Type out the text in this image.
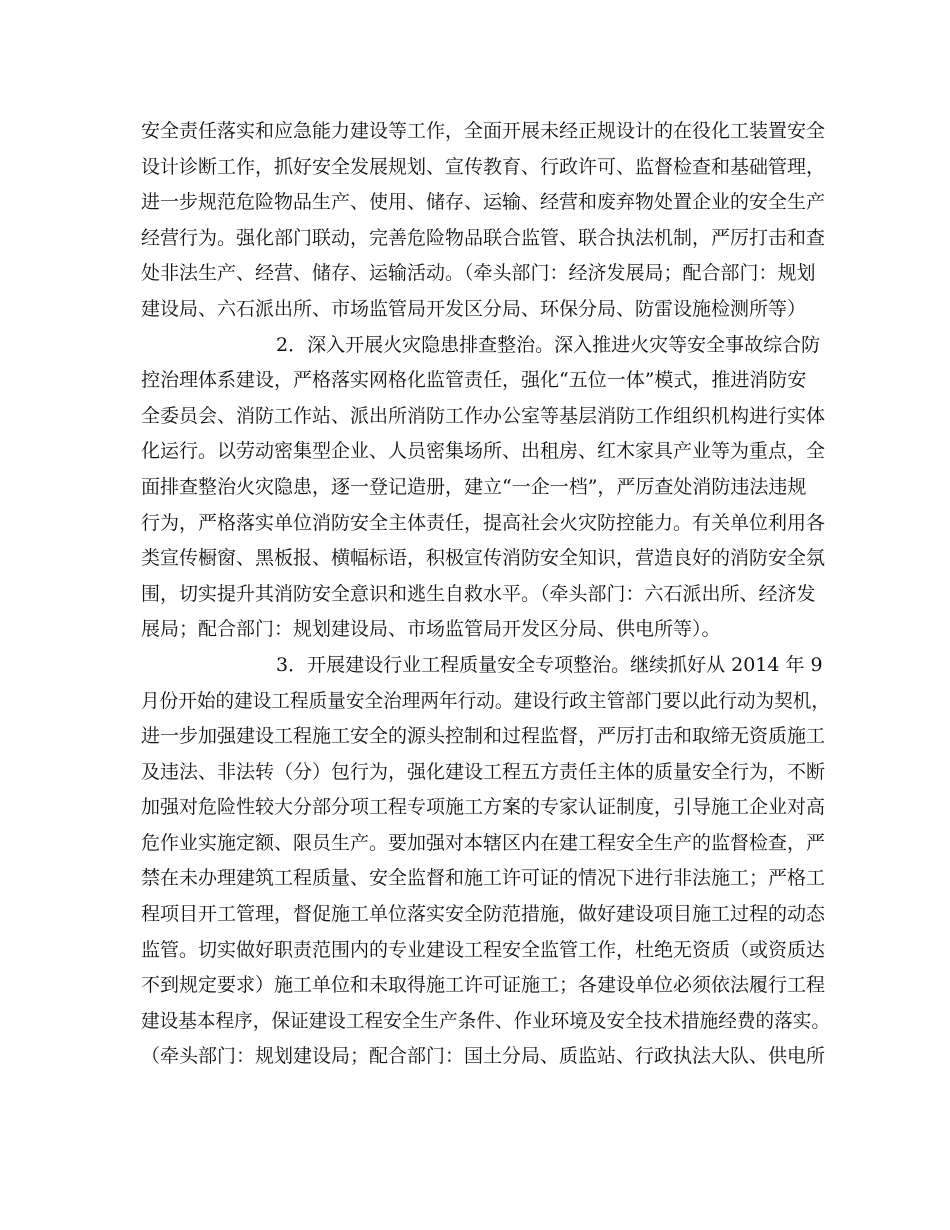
安全责任落实和应急能力建设等工作，全面开展未经正规设计的在役化工装置安全
设计诊断工作，抓好安全发展规划、宣传教育、行政许可、监督检查和基础管理，
进一步规范危险物品生产、使用、储存、运输、经营和废弃物处置企业的安全生产
经营行为。强化部门联动，完善危险物品联合监管、联合执法机制，严厉打击和查
处非法生产、经营、储存、运输活动。（牵头部门：经济发展局；配合部门：规划
建设局、六石派出所、市场监管局开发区分局、环保分局、防雷设施检测所等）
2．深入开展火灾隐患排查整治。深入推进火灾等安全事故综合防
控治理体系建设，严格落实网格化监管责任，强化“五位一体”模式，推进消防安
全委员会、消防工作站、派出所消防工作办公室等基层消防工作组织机构进行实体
化运行。以劳动密集型企业、人员密集场所、出租房、红木家具产业等为重点，全
面排查整治火灾隐患，逐一登记造册，建立“一企一档”，严厉查处消防违法违规
行为，严格落实单位消防安全主体责任，提高社会火灾防控能力。有关单位利用各
类宣传橱窗、黑板报、横幅标语，积极宣传消防安全知识，营造良好的消防安全氛
围，切实提升其消防安全意识和逃生自救水平。（牵头部门：六石派出所、经济发
展局；配合部门：规划建设局、市场监管局开发区分局、供电所等）。
3．开展建设行业工程质量安全专项整治。继续抓好从 2014 年 9
月份开始的建设工程质量安全治理两年行动。建设行政主管部门要以此行动为契机，
进一步加强建设工程施工安全的源头控制和过程监督，严厉打击和取缔无资质施工
及违法、非法转（分）包行为，强化建设工程五方责任主体的质量安全行为，不断
加强对危险性较大分部分项工程专项施工方案的专家认证制度，引导施工企业对高
危作业实施定额、限员生产。要加强对本辖区内在建工程安全生产的监督检查，严
禁在未办理建筑工程质量、安全监督和施工许可证的情况下进行非法施工；严格工
程项目开工管理，督促施工单位落实安全防范措施，做好建设项目施工过程的动态
监管。切实做好职责范围内的专业建设工程安全监管工作，杜绝无资质（或资质达
不到规定要求）施工单位和未取得施工许可证施工；各建设单位必须依法履行工程
建设基本程序，保证建设工程安全生产条件、作业环境及安全技术措施经费的落实。
（牵头部门：规划建设局；配合部门：国土分局、质监站、行政执法大队、供电所
